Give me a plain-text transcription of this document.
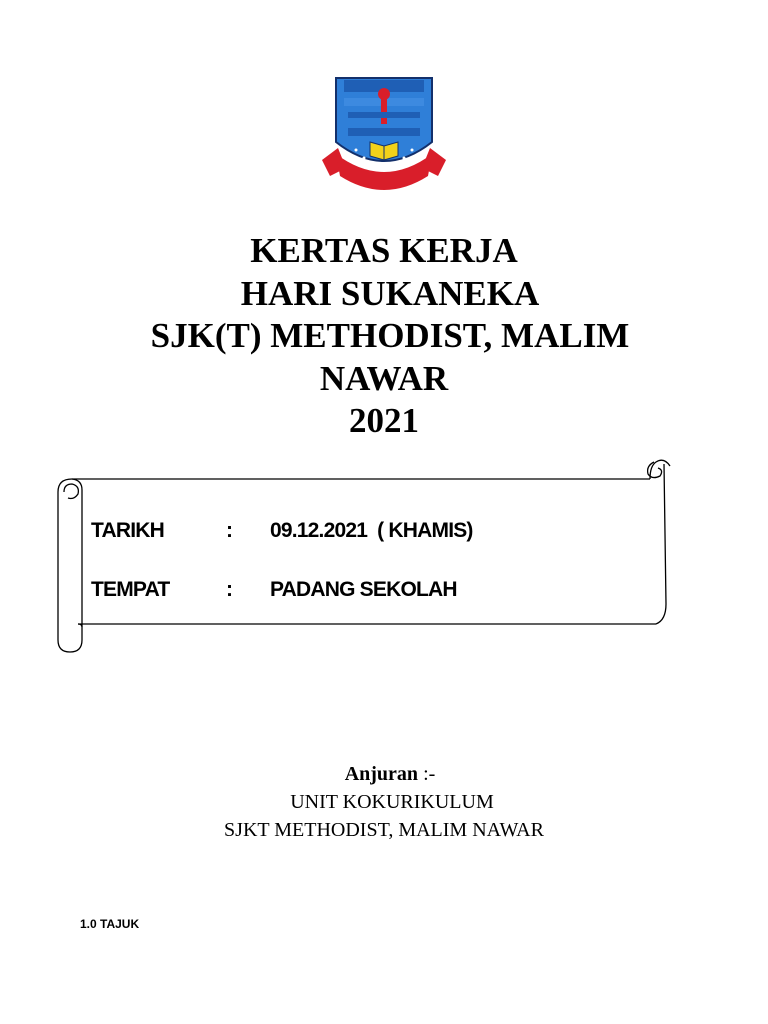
KERTAS KERJA
HARI SUKANEKA
SJK(T) METHODIST, MALIM
NAWAR
2021
TARIKH	: 09.12.2021  ( KHAMIS)
TEMPAT	: PADANG SEKOLAH
Anjuran :-
UNIT KOKURIKULUM
SJKT METHODIST, MALIM NAWAR
1.0 TAJUK
